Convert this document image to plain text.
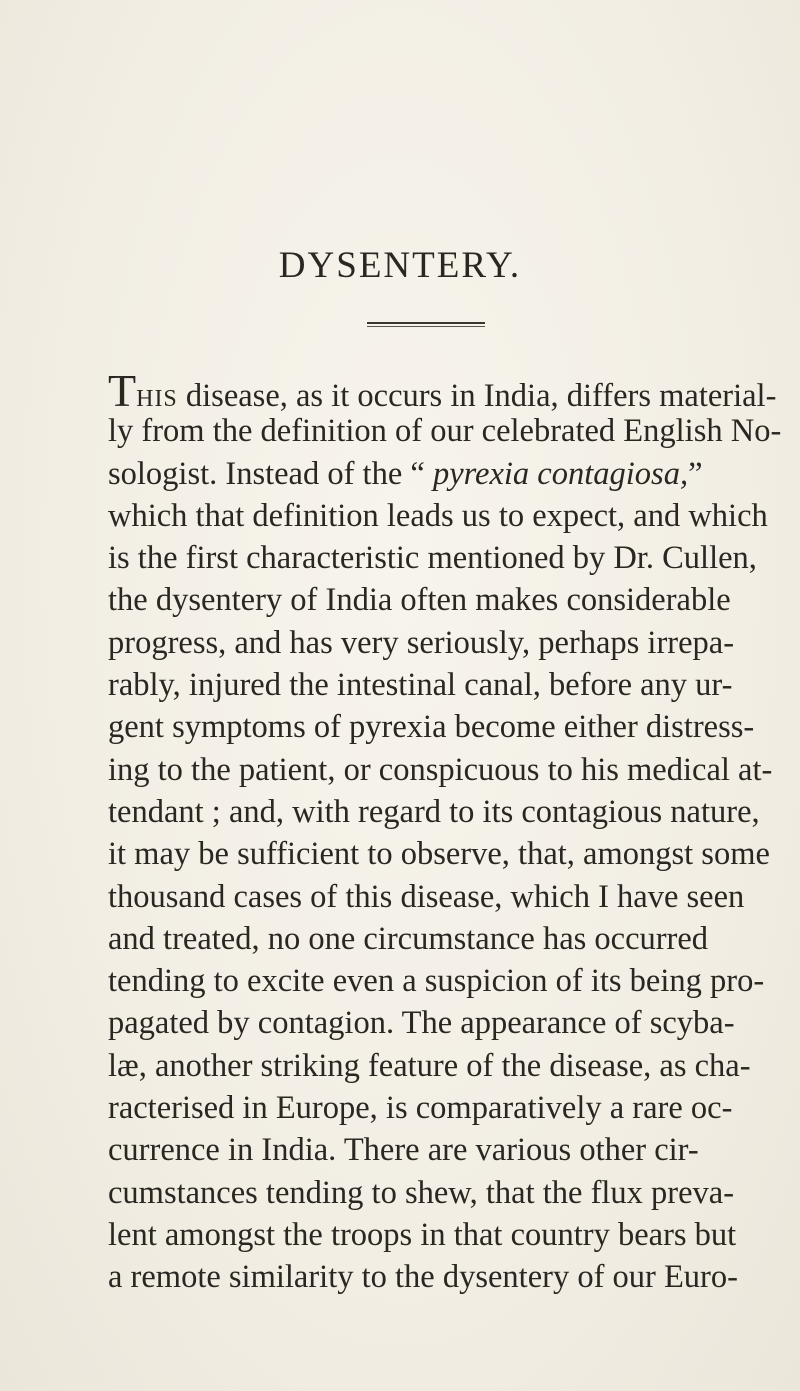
DYSENTERY.
THIS disease, as it occurs in India, differs material-
ly from the definition of our celebrated English No-
sologist. Instead of the “ pyrexia contagiosa,”
which that definition leads us to expect, and which
is the first characteristic mentioned by Dr. Cullen,
the dysentery of India often makes considerable
progress, and has very seriously, perhaps irrepa-
rably, injured the intestinal canal, before any ur-
gent symptoms of pyrexia become either distress-
ing to the patient, or conspicuous to his medical at-
tendant ; and, with regard to its contagious nature,
it may be sufficient to observe, that, amongst some
thousand cases of this disease, which I have seen
and treated, no one circumstance has occurred
tending to excite even a suspicion of its being pro-
pagated by contagion. The appearance of scyba-
læ, another striking feature of the disease, as cha-
racterised in Europe, is comparatively a rare oc-
currence in India. There are various other cir-
cumstances tending to shew, that the flux preva-
lent amongst the troops in that country bears but
a remote similarity to the dysentery of our Euro-
